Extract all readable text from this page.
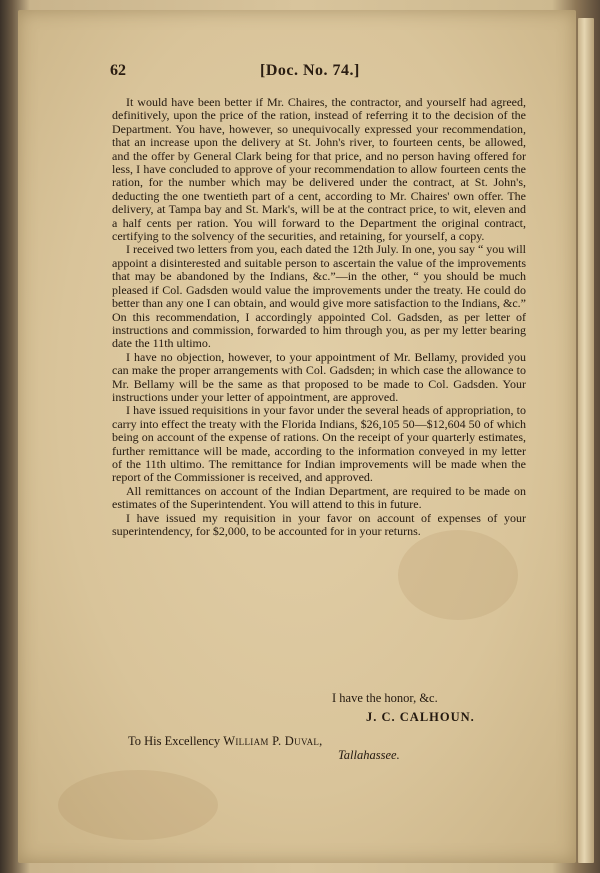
62	[Doc. No. 74.]

It would have been better if Mr. Chaires, the contractor, and yourself had agreed, definitively, upon the price of the ration, instead of referring it to the decision of the Department. You have, however, so unequivocally expressed your recommendation, that an increase upon the delivery at St. John's river, to fourteen cents, be allowed, and the offer by General Clark being for that price, and no person having offered for less, I have concluded to approve of your recommendation to allow fourteen cents the ration, for the number which may be delivered under the contract, at St. John's, deducting the one twentieth part of a cent, according to Mr. Chaires' own offer. The delivery, at Tampa bay and St. Mark's, will be at the contract price, to wit, eleven and a half cents per ration. You will forward to the Department the original contract, certifying to the solvency of the securities, and retaining, for yourself, a copy.

I received two letters from you, each dated the 12th July. In one, you say “ you will appoint a disinterested and suitable person to ascertain the value of the improvements that may be abandoned by the Indians, &c.”—in the other, “ you should be much pleased if Col. Gadsden would value the improvements under the treaty. He could do better than any one I can obtain, and would give more satisfaction to the Indians, &c.” On this recommendation, I accordingly appointed Col. Gadsden, as per letter of instructions and commission, forwarded to him through you, as per my letter bearing date the 11th ultimo.

I have no objection, however, to your appointment of Mr. Bellamy, provided you can make the proper arrangements with Col. Gadsden; in which case the allowance to Mr. Bellamy will be the same as that proposed to be made to Col. Gadsden. Your instructions under your letter of appointment, are approved.

I have issued requisitions in your favor under the several heads of appropriation, to carry into effect the treaty with the Florida Indians, $26,105 50—$12,604 50 of which being on account of the expense of rations. On the receipt of your quarterly estimates, further remittance will be made, according to the information conveyed in my letter of the 11th ultimo. The remittance for Indian improvements will be made when the report of the Commissioner is received, and approved.

All remittances on account of the Indian Department, are required to be made on estimates of the Superintendent. You will attend to this in future.

I have issued my requisition in your favor on account of expenses of your superintendency, for $2,000, to be accounted for in your returns.

I have the honor, &c.
J. C. CALHOUN.
To His Excellency William P. Duval,
Tallahassee.
